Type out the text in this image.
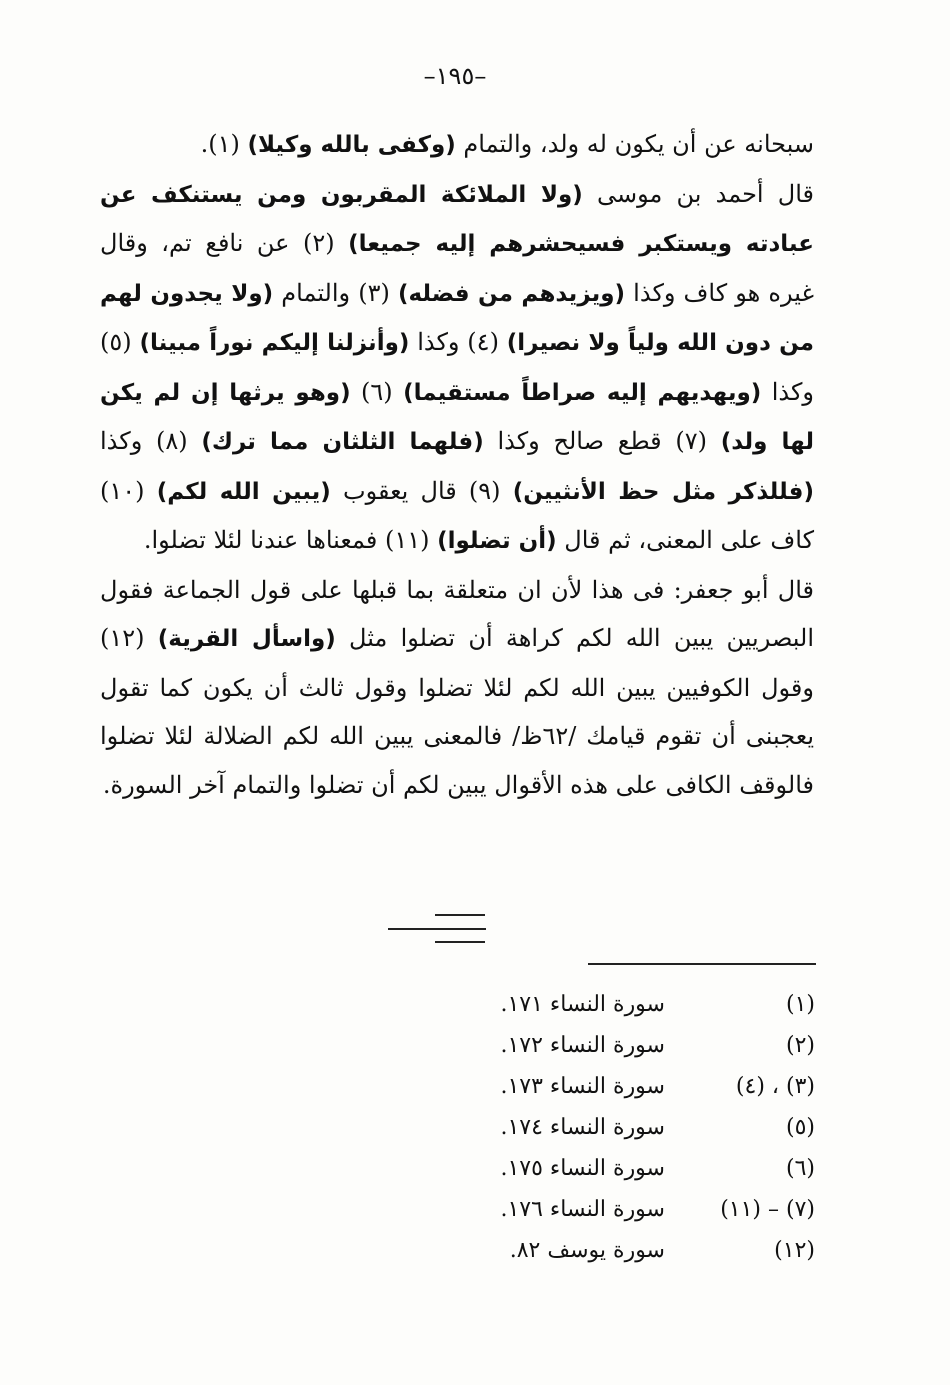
–١٩٥–

سبحانه عن أن يكون له ولد، والتمام (وكفى بالله وكيلا) (١).

قال أحمد بن موسى (ولا الملائكة المقربون ومن يستنكف عن عبادته ويستكبر فسيحشرهم إليه جميعا) (٢) عن نافع تم، وقال غيره هو كاف وكذا (ويزيدهم من فضله) (٣) والتمام (ولا يجدون لهم من دون الله ولياً ولا نصيرا) (٤) وكذا (وأنزلنا إليكم نوراً مبينا) (٥) وكذا (ويهديهم إليه صراطاً مستقيما) (٦) (وهو يرثها إن لم يكن لها ولد) (٧) قطع صالح وكذا (فلهما الثلثان مما ترك) (٨) وكذا (فللذكر مثل حظ الأنثيين) (٩) قال يعقوب (يبين الله لكم) (١٠) كاف على المعنى، ثم قال (أن تضلوا) (١١) فمعناها عندنا لئلا تضلوا.

قال أبو جعفر: فى هذا لأن ان متعلقة بما قبلها على قول الجماعة فقول البصريين يبين الله لكم كراهة أن تضلوا مثل (واسأل القرية) (١٢) وقول الكوفيين يبين الله لكم لئلا تضلوا وقول ثالث أن يكون كما تقول يعجبنى أن تقوم قيامك /٦٢ظ/ فالمعنى يبين الله لكم الضلالة لئلا تضلوا فالوقف الكافى على هذه الأقوال يبين لكم أن تضلوا والتمام آخر السورة.

(١)
سورة النساء ١٧١.
(٢)
سورة النساء ١٧٢.
(٣) ، (٤)
سورة النساء ١٧٣.
(٥)
سورة النساء ١٧٤.
(٦)
سورة النساء ١٧٥.
(٧) – (١١)
سورة النساء ١٧٦.
(١٢)
سورة يوسف ٨٢.
